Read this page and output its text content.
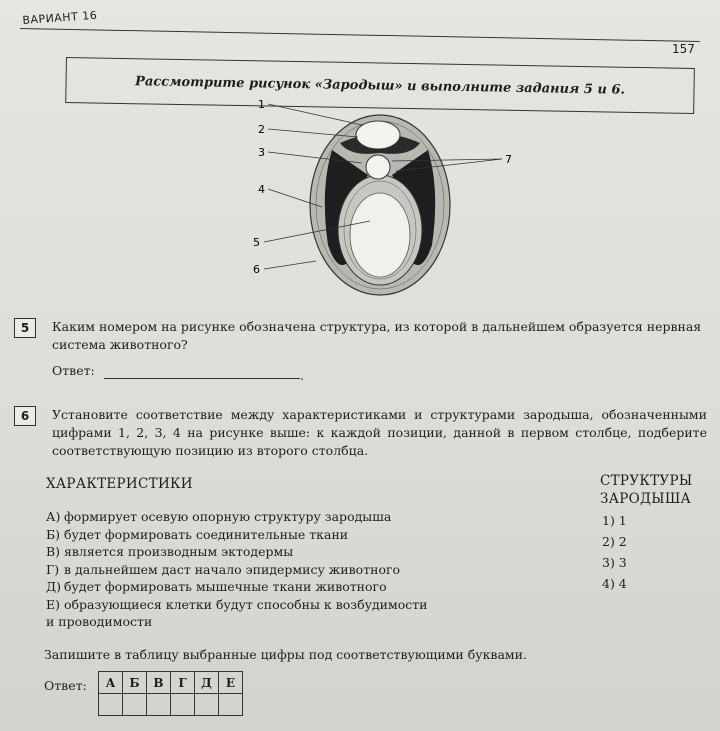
ВАРИАНТ 16
157
Рассмотрите рисунок «Зародыш» и выполните задания 5 и 6.
1
2
3
4
5
6
7
5	Каким номером на рисунке обозначена структура, из которой в дальнейшем образуется нервная система животного?
Ответ:	.
6	Установите соответствие между характеристиками и структурами зародыша, обозначенными цифрами 1, 2, 3, 4 на рисунке выше: к каждой позиции, данной в первом столбце, подберите соответствующую позицию из второго столбца.
ХАРАКТЕРИСТИКИ	СТРУКТУРЫ
ЗАРОДЫША
А) формирует осевую опорную структуру зародыша
Б) будет формировать соединительные ткани
В) является производным эктодермы
Г) в дальнейшем даст начало эпидермису животного
Д) будет формировать мышечные ткани животного
Е) образующиеся клетки будут способны к возбудимости
и проводимости
1) 1
2) 2
3) 3
4) 4
Запишите в таблицу выбранные цифры под соответствующими буквами.
Ответ: А	Б	В	Г	Д	Е
